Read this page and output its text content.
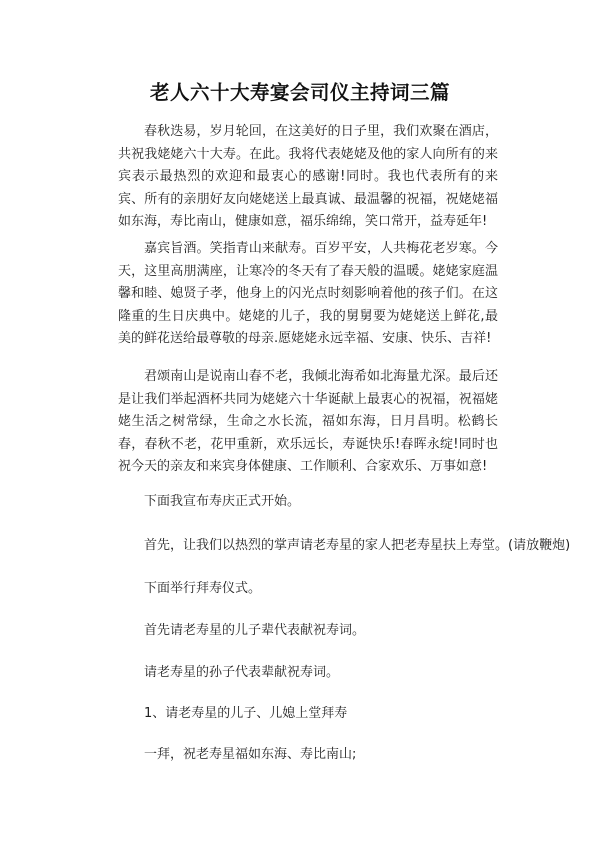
老人六十大寿宴会司仪主持词三篇

春秋迭易，岁月轮回，在这美好的日子里，我们欢聚在酒店，共祝我姥姥六十大寿。在此。我将代表姥姥及他的家人向所有的来宾表示最热烈的欢迎和最衷心的感谢!同时。我也代表所有的来宾、所有的亲朋好友向姥姥送上最真诚、最温馨的祝福，祝姥姥福如东海，寿比南山，健康如意，福乐绵绵，笑口常开，益寿延年!

嘉宾旨酒。笑指青山来献寿。百岁平安，人共梅花老岁寒。今天，这里高朋满座，让寒冷的冬天有了春天般的温暖。姥姥家庭温馨和睦、媳贤子孝，他身上的闪光点时刻影响着他的孩子们。在这隆重的生日庆典中。姥姥的儿子，我的舅舅要为姥姥送上鲜花,最美的鲜花送给最尊敬的母亲.愿姥姥永远幸福、安康、快乐、吉祥!

君颂南山是说南山春不老，我倾北海希如北海量尤深。最后还是让我们举起酒杯共同为姥姥六十华诞献上最衷心的祝福，祝福姥姥生活之树常绿，生命之水长流，福如东海，日月昌明。松鹤长春，春秋不老，花甲重新，欢乐远长，寿诞快乐!春晖永绽!同时也祝今天的亲友和来宾身体健康、工作顺利、合家欢乐、万事如意!

下面我宣布寿庆正式开始。

首先，让我们以热烈的掌声请老寿星的家人把老寿星扶上寿堂。(请放鞭炮)

下面举行拜寿仪式。

首先请老寿星的儿子辈代表献祝寿词。

请老寿星的孙子代表辈献祝寿词。

1、请老寿星的儿子、儿媳上堂拜寿

一拜，祝老寿星福如东海、寿比南山;
